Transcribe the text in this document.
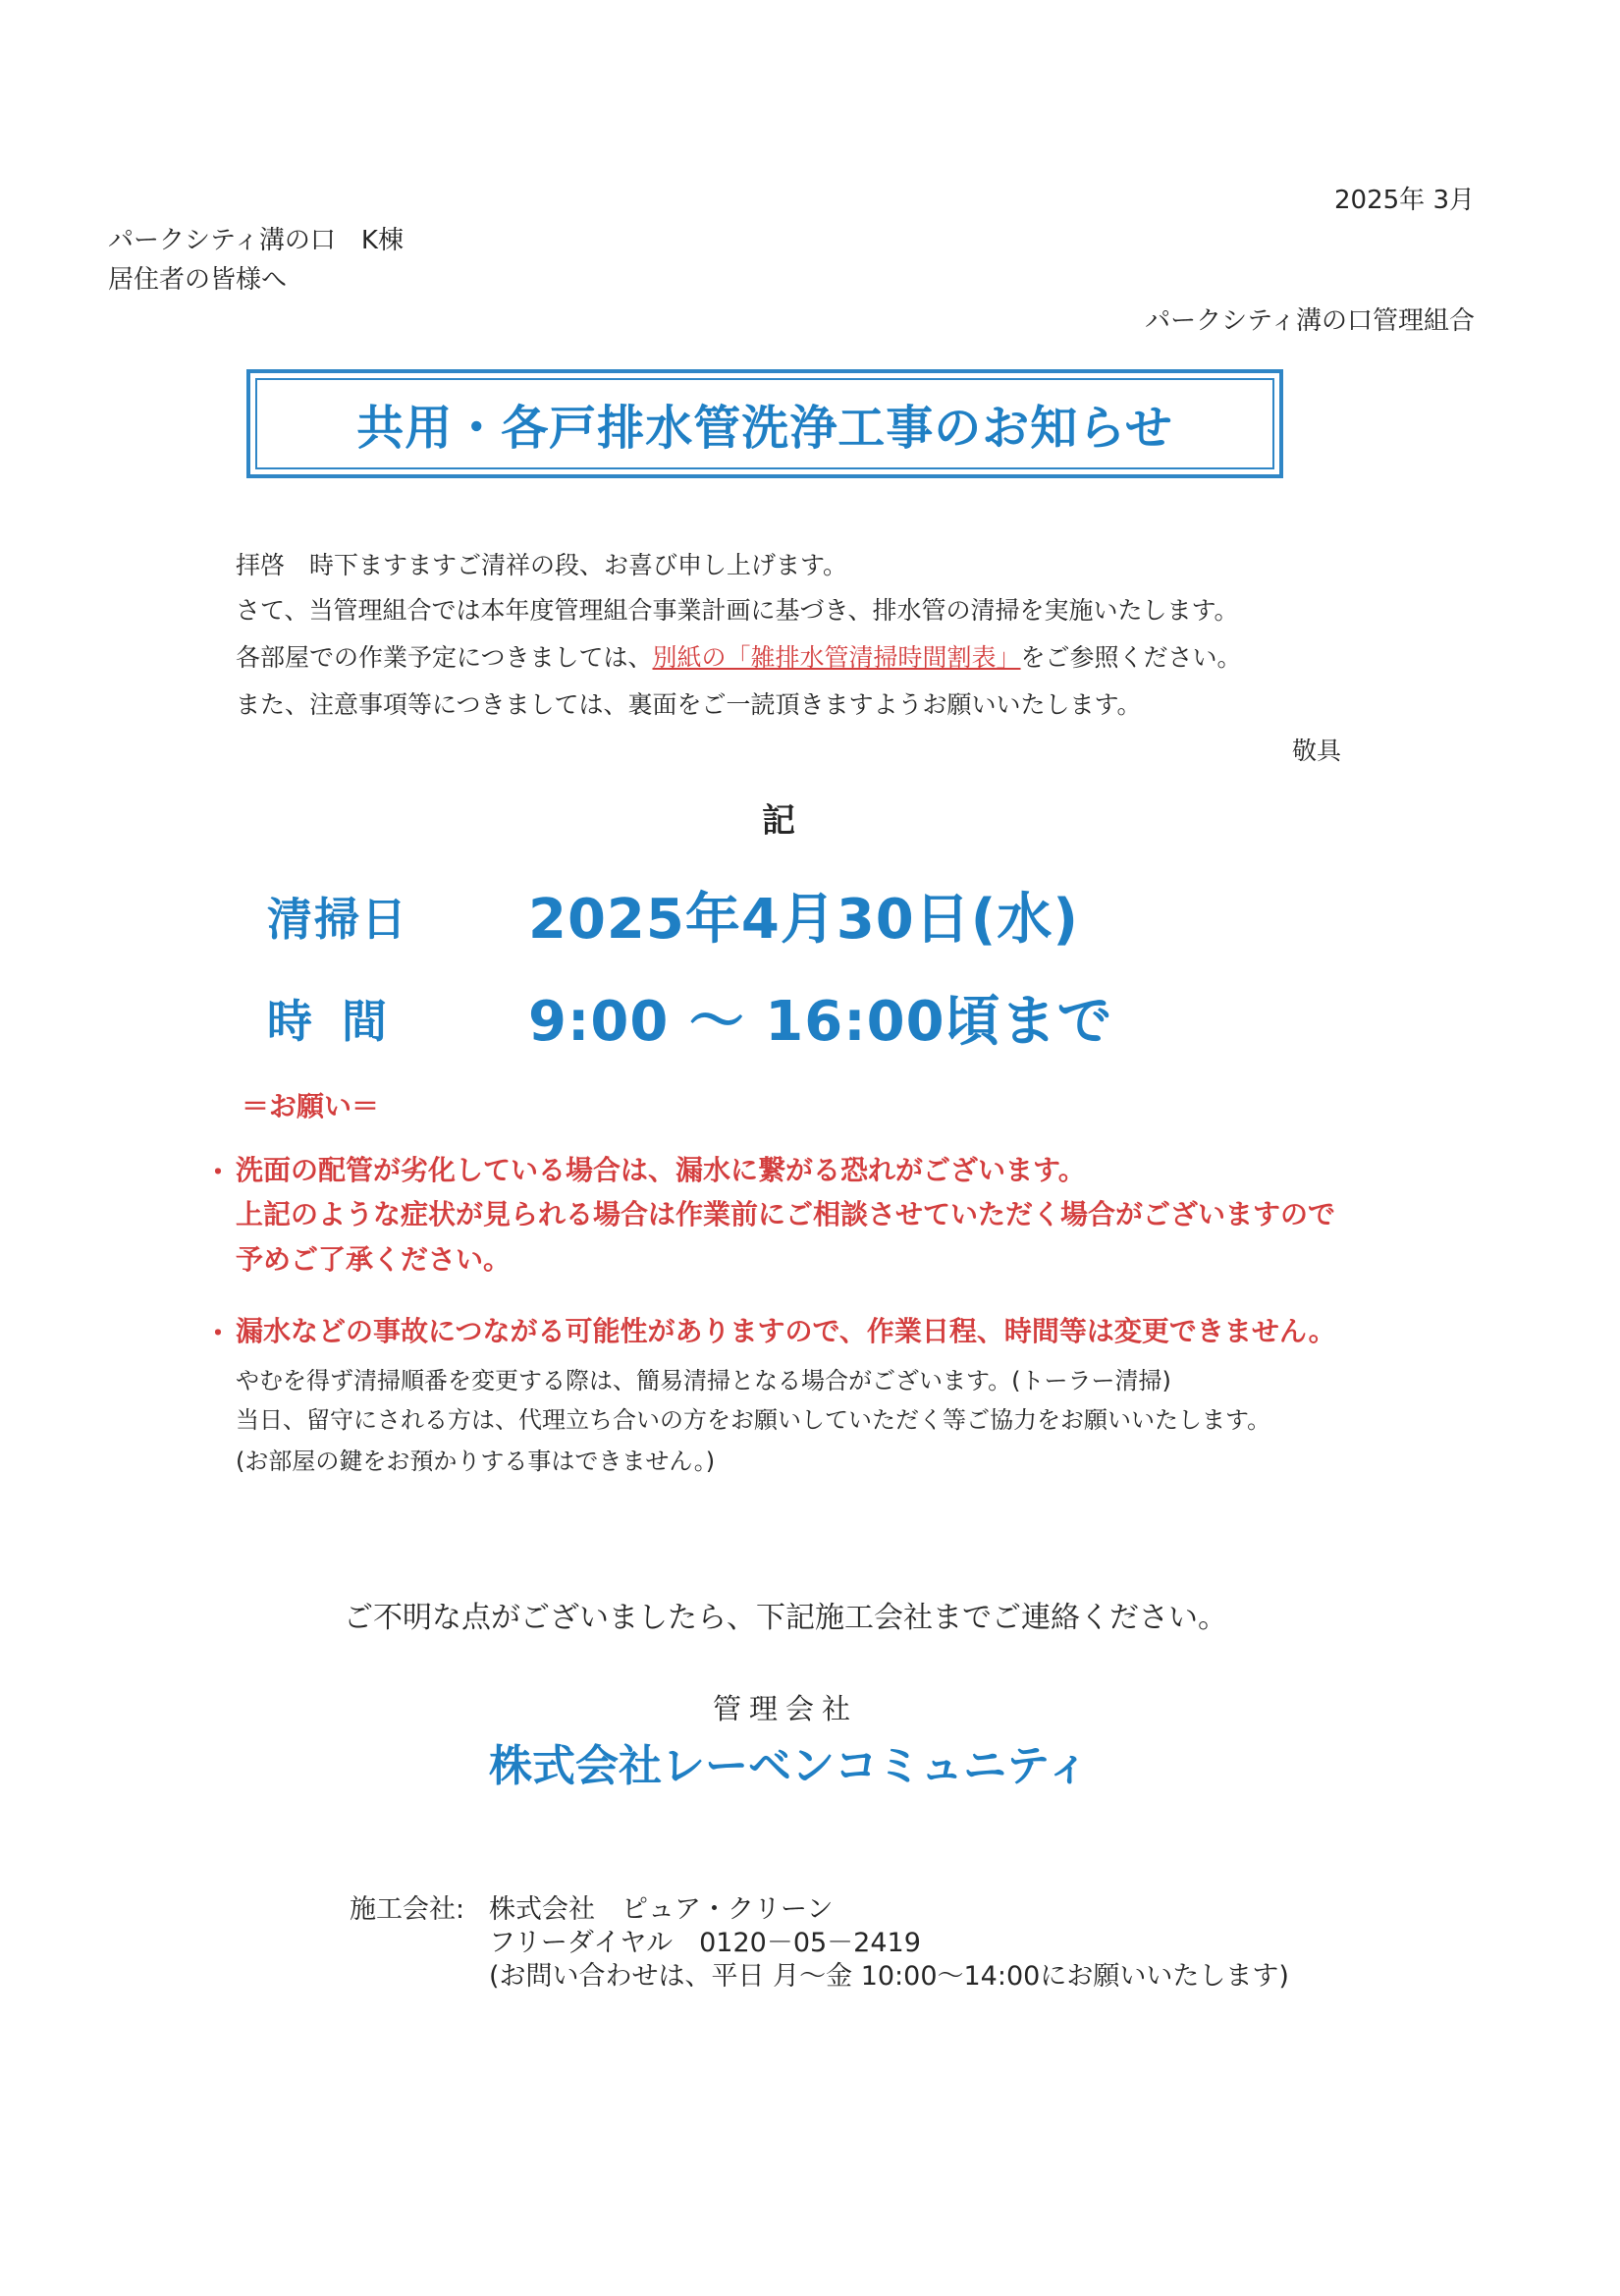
2025年 3月
パークシティ溝の口　K棟
居住者の皆様へ
パークシティ溝の口管理組合
共用・各戸排水管洗浄工事のお知らせ
拝啓　時下ますますご清祥の段、お喜び申し上げます。
さて、当管理組合では本年度管理組合事業計画に基づき、排水管の清掃を実施いたします。
各部屋での作業予定につきましては、別紙の「雑排水管清掃時間割表」をご参照ください。
また、注意事項等につきましては、裏面をご一読頂きますようお願いいたします。
敬具
記
清掃日 2025年4月30日(水)
時間 9:00 ～ 16:00頃まで
＝お願い＝
・ 洗面の配管が劣化している場合は、漏水に繋がる恐れがございます。
上記のような症状が見られる場合は作業前にご相談させていただく場合がございますので
予めご了承ください。
・ 漏水などの事故につながる可能性がありますので、作業日程、時間等は変更できません。
やむを得ず清掃順番を変更する際は、簡易清掃となる場合がございます。(トーラー清掃)
当日、留守にされる方は、代理立ち合いの方をお願いしていただく等ご協力をお願いいたします。
(お部屋の鍵をお預かりする事はできません。)
ご不明な点がございましたら、下記施工会社までご連絡ください。
管理会社
株式会社レーベンコミュニティ
施工会社: 株式会社　ピュア・クリーン
フリーダイヤル　0120－05－2419
(お問い合わせは、平日 月～金 10:00～14:00にお願いいたします)
